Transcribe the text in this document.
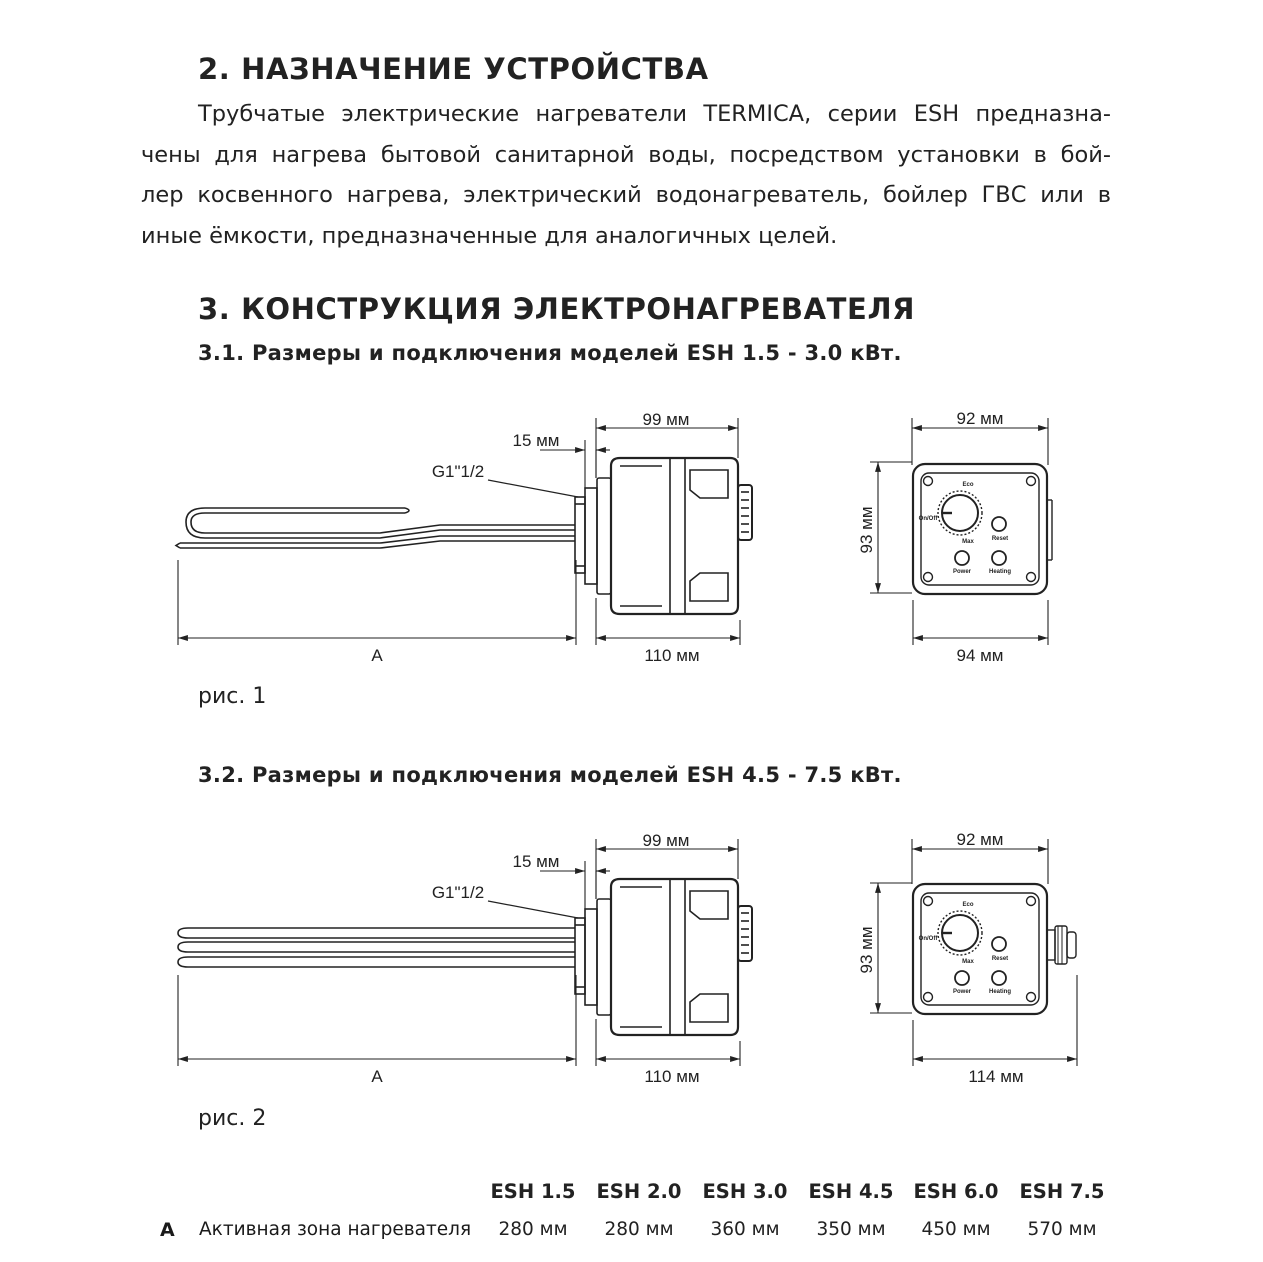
2. НАЗНАЧЕНИЕ УСТРОЙСТВА
Трубчатые электрические нагреватели TERMICA, серии ESH предназна-
чены для нагрева бытовой санитарной воды, посредством установки в бой-
лер косвенного нагрева, электрический водонагреватель, бойлер ГВС или в
иные ёмкости, предназначенные для аналогичных целей.
3. КОНСТРУКЦИЯ ЭЛЕКТРОНАГРЕВАТЕЛЯ
3.1. Размеры и подключения моделей ESH 1.5 - 3.0 кВт.
99 мм
15 мм
G1"1/2
A	110 мм
92 мм
94 мм
93 мм
Eco
On/Off
Max	Reset
Power	Heating
рис. 1
3.2. Размеры и подключения моделей ESH 4.5 - 7.5 кВт.
99 мм
15 мм
G1"1/2
A	110 мм
92 мм
114 мм
93 мм
Eco
On/Off
Max	Reset
Power	Heating
рис. 2
ESH 1.5	ESH 2.0	ESH 3.0	ESH 4.5	ESH 6.0	ESH 7.5
A Активная зона нагревателя	280 мм	280 мм	360 мм	350 мм	450 мм	570 мм
